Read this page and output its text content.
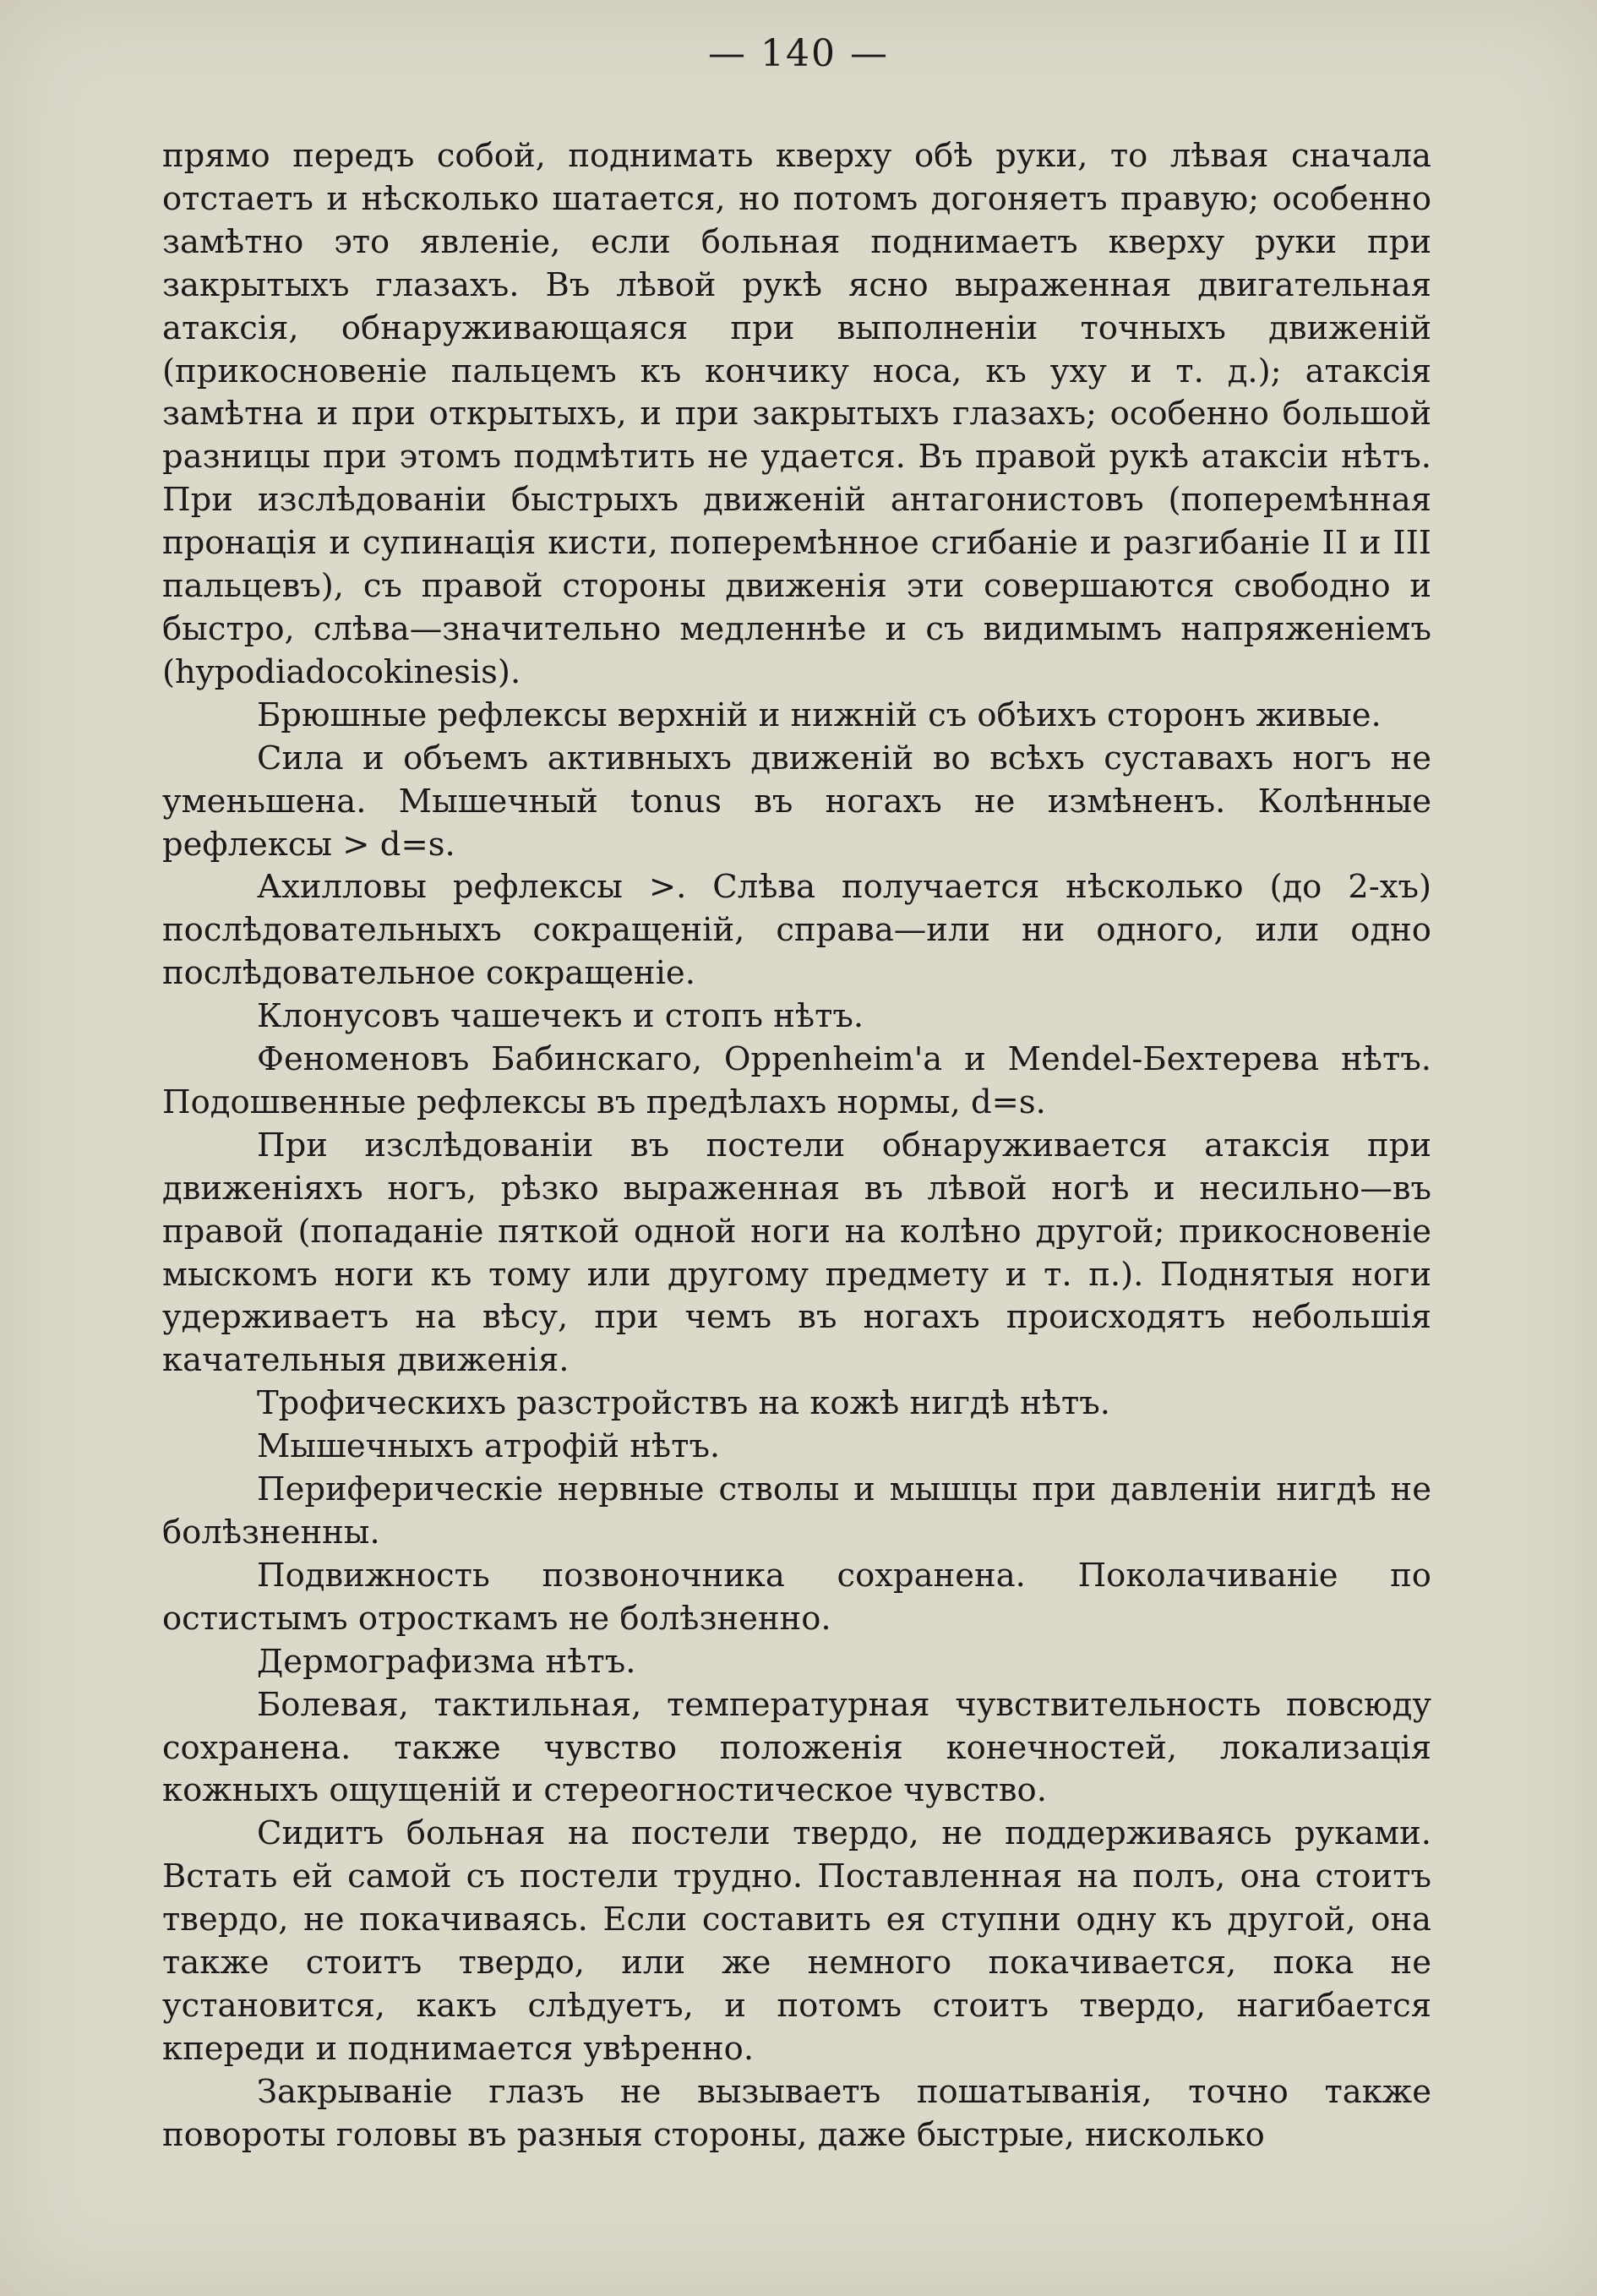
— 140 —

прямо передъ собой, поднимать кверху обѣ руки, то лѣвая сначала отстаетъ и нѣсколько шатается, но потомъ догоняетъ правую; особенно замѣтно это явленіе, если больная поднимаетъ кверху руки при закрытыхъ глазахъ. Въ лѣвой рукѣ ясно выраженная двигательная атаксія, обнаруживающаяся при выполненіи точныхъ движеній (прикосновеніе пальцемъ къ кончику носа, къ уху и т. д.); атаксія замѣтна и при открытыхъ, и при закрытыхъ глазахъ; особенно большой разницы при этомъ подмѣтить не удается. Въ правой рукѣ атаксіи нѣтъ. При изслѣдованіи быстрыхъ движеній антагонистовъ (поперемѣнная пронація и супинація кисти, поперемѣнное сгибаніе и разгибаніе II и III пальцевъ), съ правой стороны движенія эти совершаются свободно и быстро, слѣва—значительно медленнѣе и съ видимымъ напряженіемъ (hypodiadocokinesis).

Брюшные рефлексы верхній и нижній съ обѣихъ сторонъ живые.

Сила и объемъ активныхъ движеній во всѣхъ суставахъ ногъ не уменьшена. Мышечный tonus въ ногахъ не измѣненъ. Колѣнные рефлексы > d=s.

Ахилловы рефлексы >. Слѣва получается нѣсколько (до 2-хъ) послѣдовательныхъ сокращеній, справа—или ни одного, или одно послѣдовательное сокращеніе.

Клонусовъ чашечекъ и стопъ нѣтъ.

Феноменовъ Бабинскаго, Oppenheim'а и Mendel-Бехтерева нѣтъ. Подошвенные рефлексы въ предѣлахъ нормы, d=s.

При изслѣдованіи въ постели обнаруживается атаксія при движеніяхъ ногъ, рѣзко выраженная въ лѣвой ногѣ и несильно—въ правой (попаданіе пяткой одной ноги на колѣно другой; прикосновеніе мыскомъ ноги къ тому или другому предмету и т. п.). Поднятыя ноги удерживаетъ на вѣсу, при чемъ въ ногахъ происходятъ небольшія качательныя движенія.

Трофическихъ разстройствъ на кожѣ нигдѣ нѣтъ.

Мышечныхъ атрофій нѣтъ.

Периферическіе нервные стволы и мышцы при давленіи нигдѣ не болѣзненны.

Подвижность позвоночника сохранена. Поколачиваніе по остистымъ отросткамъ не болѣзненно.

Дермографизма нѣтъ.

Болевая, тактильная, температурная чувствительность повсюду сохранена. также чувство положенія конечностей, локализація кожныхъ ощущеній и стереогностическое чувство.

Сидитъ больная на постели твердо, не поддерживаясь руками. Встать ей самой съ постели трудно. Поставленная на полъ, она стоитъ твердо, не покачиваясь. Если составить ея ступни одну къ другой, она также стоитъ твердо, или же немного покачивается, пока не установится, какъ слѣдуетъ, и потомъ стоитъ твердо, нагибается кпереди и поднимается увѣренно.

Закрываніе глазъ не вызываетъ пошатыванія, точно также повороты головы въ разныя стороны, даже быстрые, нисколько
